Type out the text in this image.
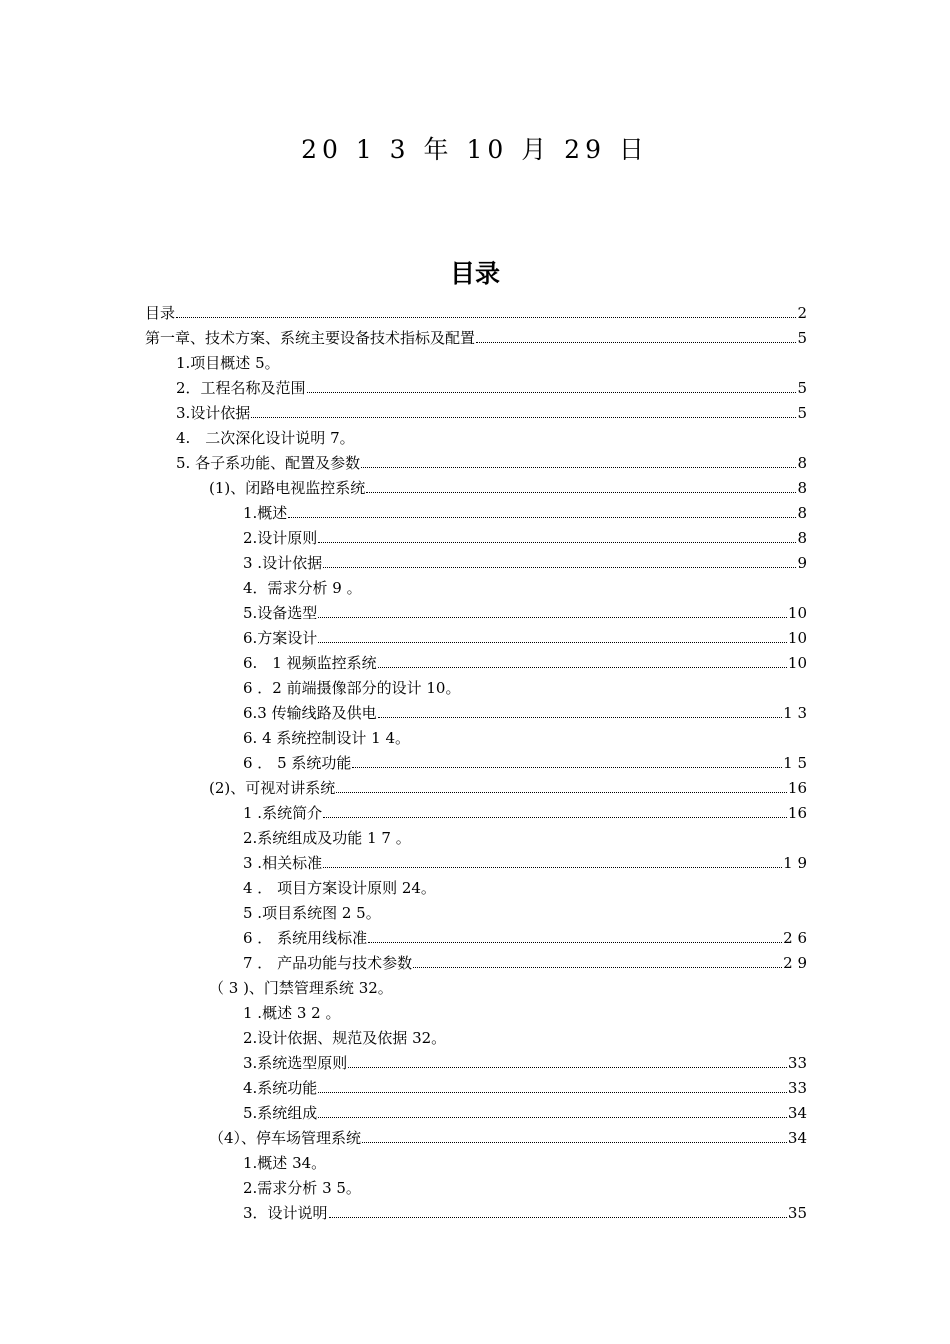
20 1 3 年 10 月 29 日
目录
目录	2
第一章、技术方案、系统主要设备技术指标及配置	5
1.项目概述 5。
2．工程名称及范围	5
3.设计依据	5
4.　二次深化设计说明 7。
5. 各子系功能、配置及参数	8
(1)、闭路电视监控系统	8
1.概述	8
2.设计原则	8
3 .设计依据	9
4．需求分析 9 。
5.设备选型	10
6.方案设计	10
6.　1 视频监控系统	10
6 ．2 前端摄像部分的设计 10。
6.3 传输线路及供电	1 3
6. 4 系统控制设计 1 4。
6 ． 5 系统功能	1 5
(2)、可视对讲系统	16
1 .系统简介	16
2.系统组成及功能 1 7 。
3 .相关标准	1 9
4 ． 项目方案设计原则 24。
5 .项目系统图 2 5。
6 ． 系统用线标准	2 6
7 ． 产品功能与技术参数	2 9
（ 3 )、门禁管理系统 32。
1 .概述 3 2 。
2.设计依据、规范及依据 32。
3.系统选型原则	33
4.系统功能	33
5.系统组成	34
（4）、停车场管理系统	34
1.概述 34。
2.需求分析 3 5。
3．设计说明	35
